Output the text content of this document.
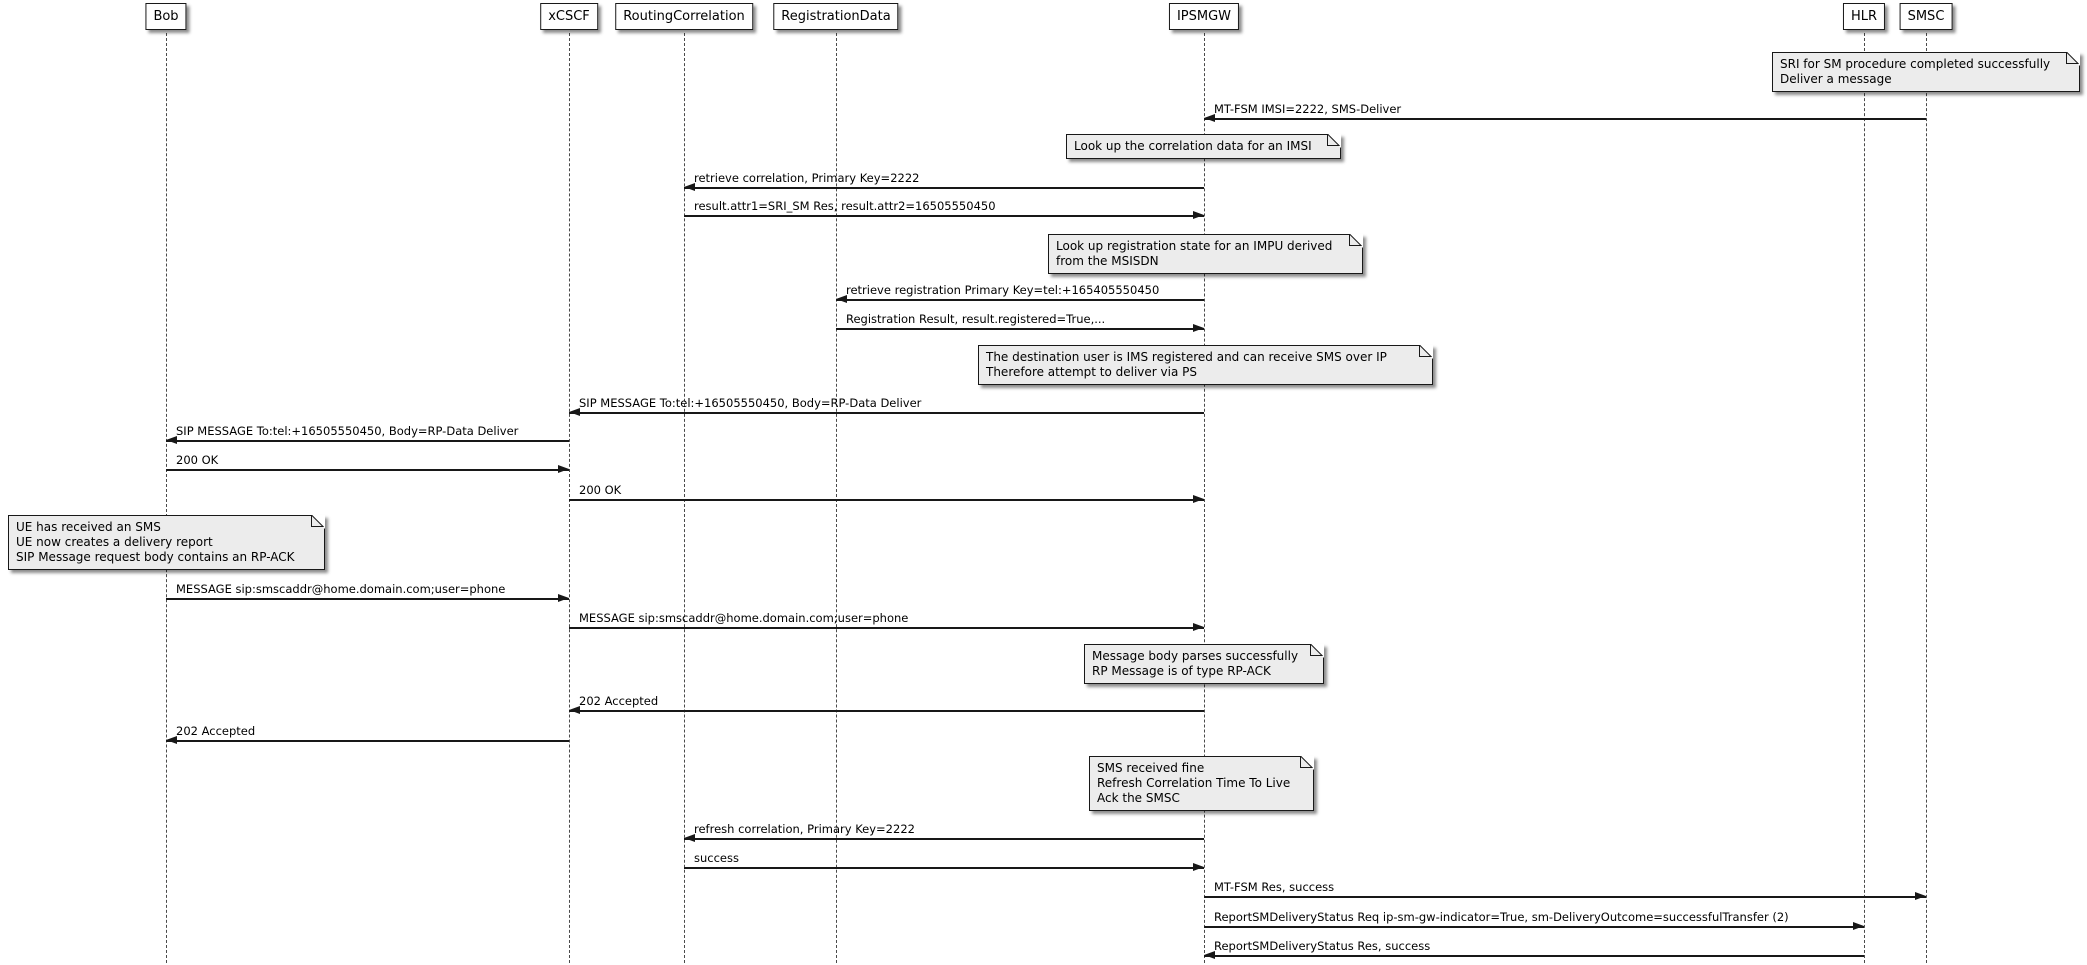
Bob	xCSCF	RoutingCorrelation	RegistrationData	IPSMGW	HLR	SMSC
MT-FSM IMSI=2222, SMS-Deliver
retrieve correlation, Primary Key=2222
result.attr1=SRI_SM Res, result.attr2=16505550450
retrieve registration Primary Key=tel:+165405550450
Registration Result, result.registered=True,...
SIP MESSAGE To:tel:+16505550450, Body=RP-Data Deliver
SIP MESSAGE To:tel:+16505550450, Body=RP-Data Deliver
200 OK
200 OK
MESSAGE sip:smscaddr@home.domain.com;user=phone
MESSAGE sip:smscaddr@home.domain.com;user=phone
202 Accepted
202 Accepted
refresh correlation, Primary Key=2222
success
MT-FSM Res, success
ReportSMDeliveryStatus Req ip-sm-gw-indicator=True, sm-DeliveryOutcome=successfulTransfer (2)
ReportSMDeliveryStatus Res, success
SRI for SM procedure completed successfully
Deliver a message
Look up the correlation data for an IMSI
Look up registration state for an IMPU derived
from the MSISDN
The destination user is IMS registered and can receive SMS over IP
Therefore attempt to deliver via PS
UE has received an SMS
UE now creates a delivery report
SIP Message request body contains an RP-ACK
Message body parses successfully
RP Message is of type RP-ACK
SMS received fine
Refresh Correlation Time To Live
Ack the SMSC
